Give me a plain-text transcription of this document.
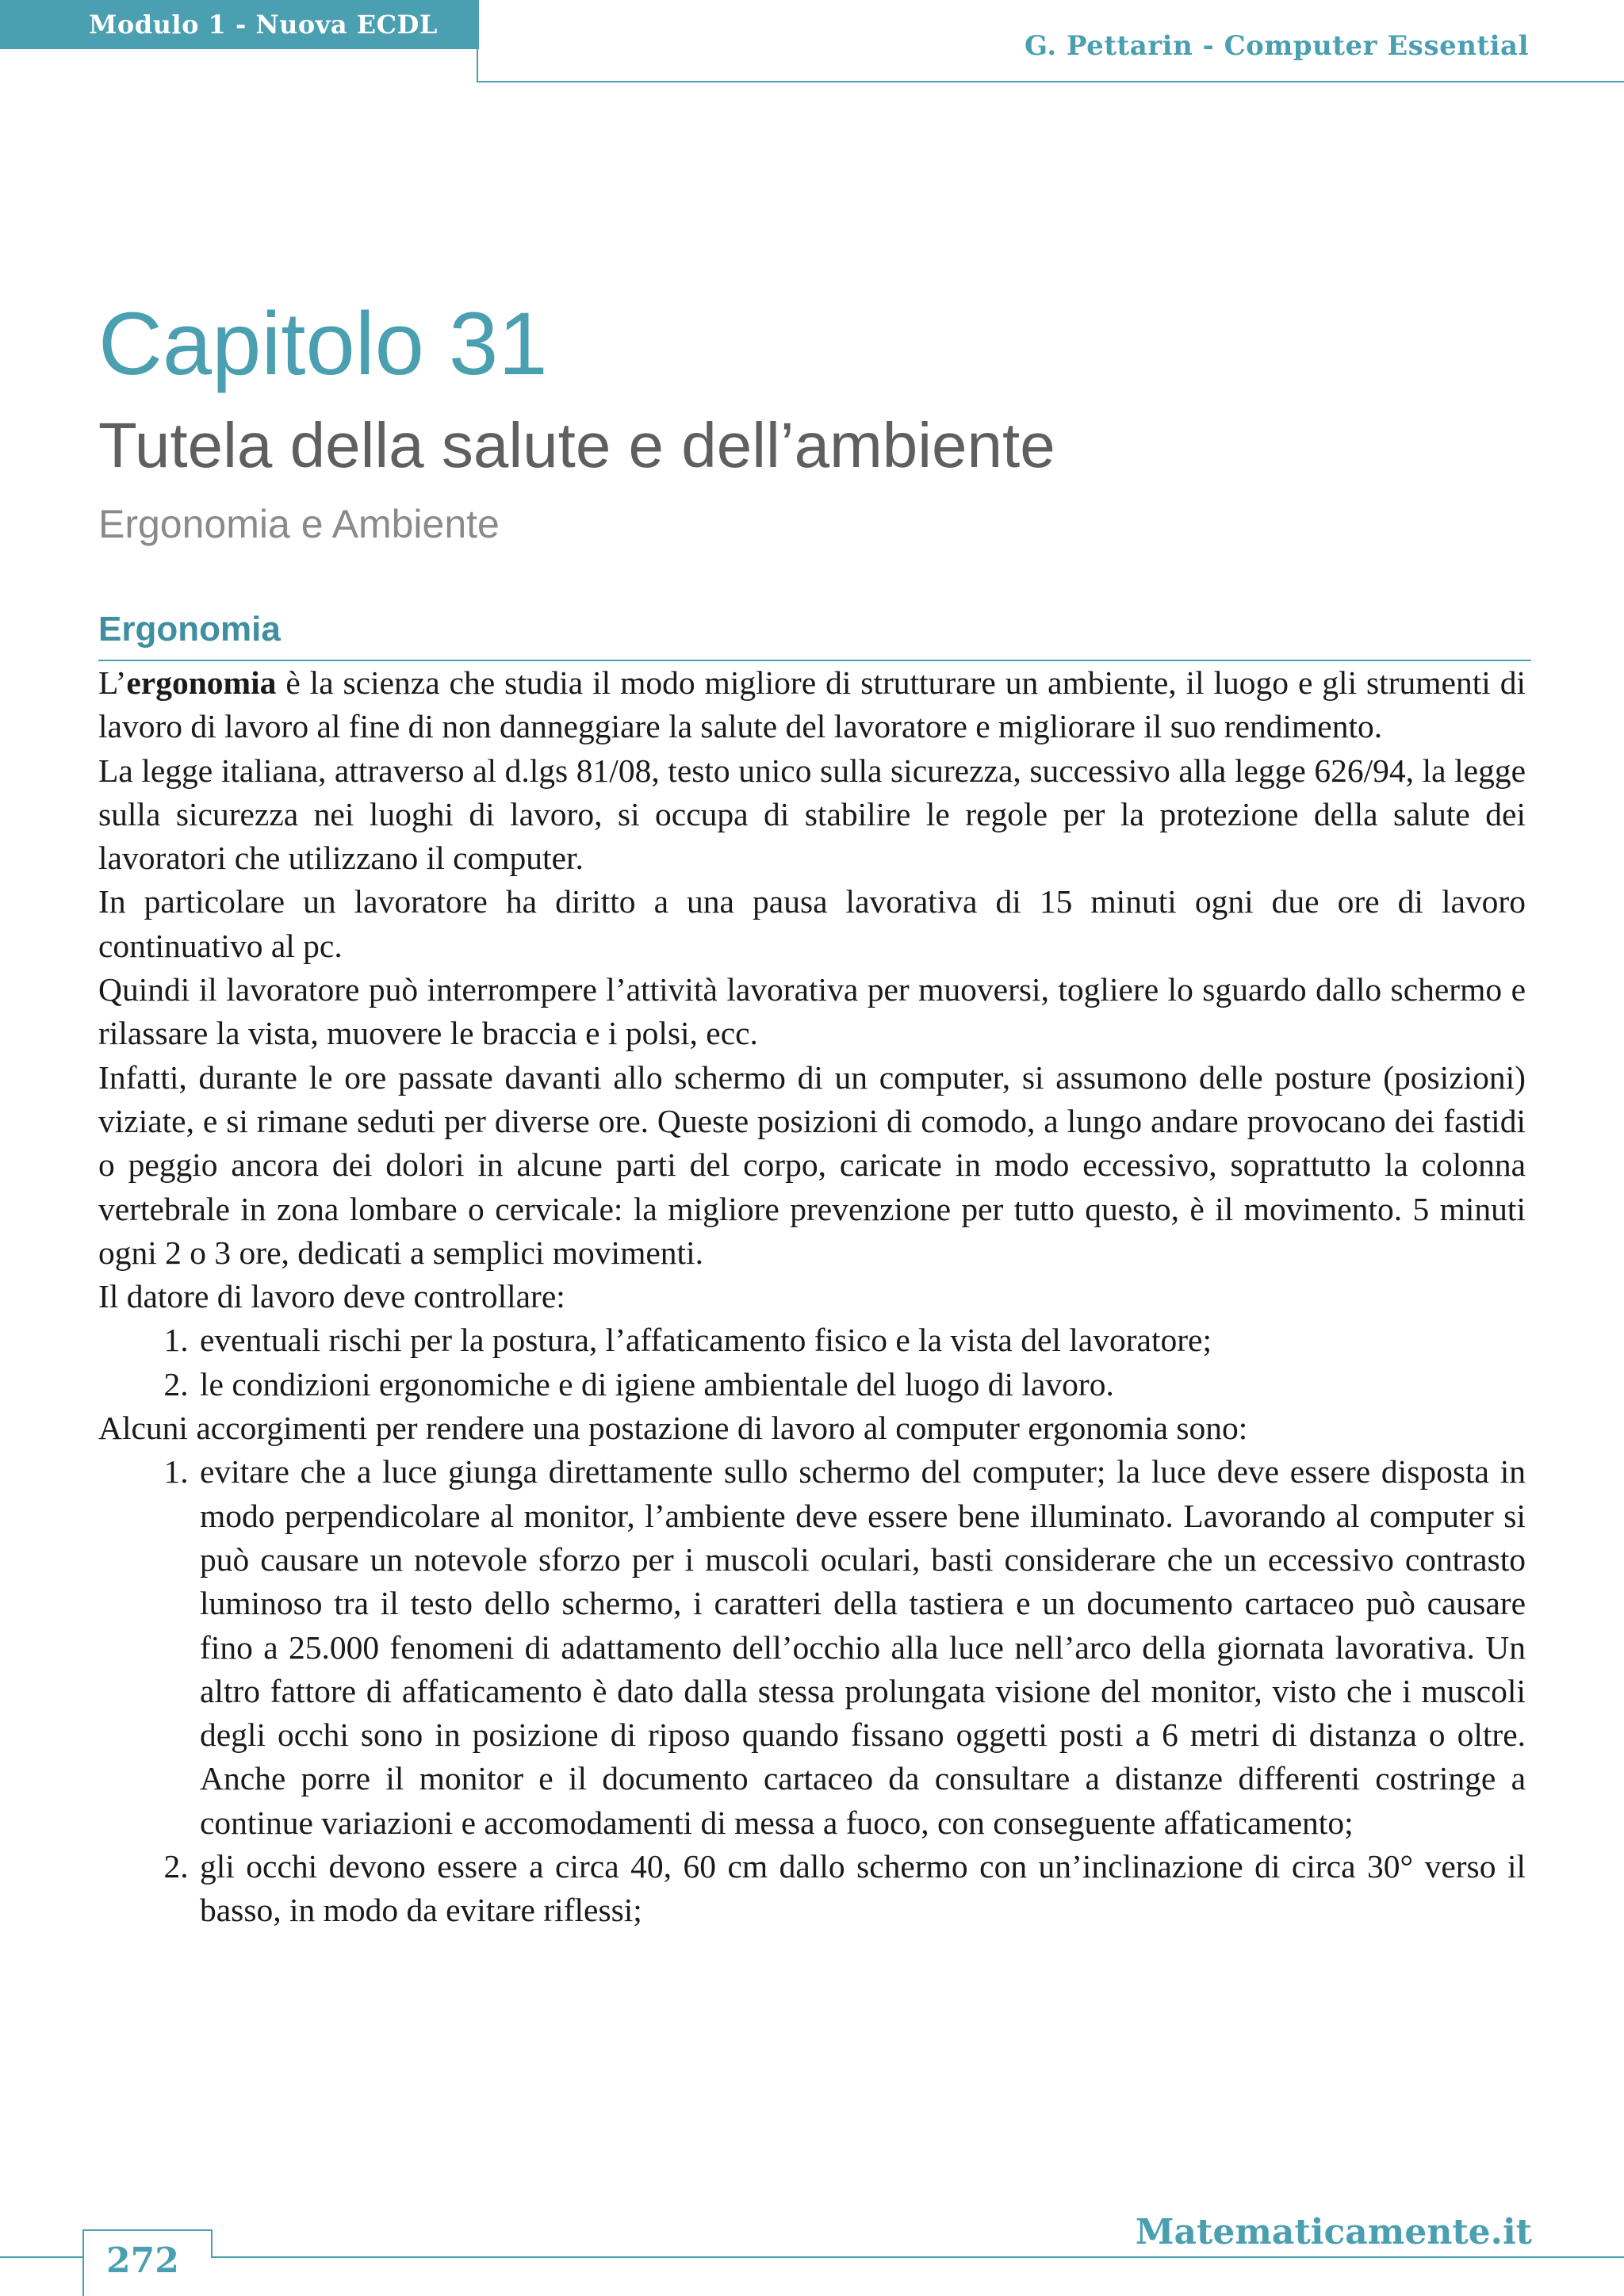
Modulo 1 - Nuova ECDL
G. Pettarin - Computer Essential
Capitolo 31
Tutela della salute e dell’ambiente
Ergonomia e Ambiente
Ergonomia

L’ergonomia è la scienza che studia il modo migliore di strutturare un ambiente, il luogo e gli strumenti di lavoro di lavoro al fine di non danneggiare la salute del lavoratore e migliorare il suo rendimento.

La legge italiana, attraverso al d.lgs 81/08, testo unico sulla sicurezza, successivo alla legge 626/94, la legge sulla sicurezza nei luoghi di lavoro, si occupa di stabilire le regole per la protezione della salute dei lavoratori che utilizzano il computer.

In particolare un lavoratore ha diritto a una pausa lavorativa di 15 minuti ogni due ore di lavoro continuativo al pc.

Quindi il lavoratore può interrompere l’attività lavorativa per muoversi, togliere lo sguardo dallo schermo e rilassare la vista, muovere le braccia e i polsi, ecc.

Infatti, durante le ore passate davanti allo schermo di un computer, si assumono delle posture (posizioni) viziate, e si rimane seduti per diverse ore. Queste posizioni di comodo, a lungo andare provocano dei fastidi o peggio ancora dei dolori in alcune parti del corpo, caricate in modo eccessivo, soprattutto la colonna vertebrale in zona lombare o cervicale: la migliore prevenzione per tutto questo, è il movimento. 5 minuti ogni 2 o 3 ore, dedicati a semplici movimenti.

Il datore di lavoro deve controllare:

1. eventuali rischi per la postura, l’affaticamento fisico e la vista del lavoratore;
2. le condizioni ergonomiche e di igiene ambientale del luogo di lavoro.

Alcuni accorgimenti per rendere una postazione di lavoro al computer ergonomia sono:

1. evitare che a luce giunga direttamente sullo schermo del computer; la luce deve essere disposta in modo perpendicolare al monitor, l’ambiente deve essere bene illuminato. Lavorando al computer si può causare un notevole sforzo per i muscoli oculari, basti considerare che un eccessivo contrasto luminoso tra il testo dello schermo, i caratteri della tastiera e un documento cartaceo può causare fino a 25.000 fenomeni di adattamento dell’occhio alla luce nell’arco della giornata lavorativa. Un altro fattore di affaticamento è dato dalla stessa prolungata visione del monitor, visto che i muscoli degli occhi sono in posizione di riposo quando fissano oggetti posti a 6 metri di distanza o oltre. Anche porre il monitor e il documento cartaceo da consultare a distanze differenti costringe a continue variazioni e accomodamenti di messa a fuoco, con conseguente affaticamento;
2. gli occhi devono essere a circa 40, 60 cm dallo schermo con un’inclinazione di circa 30° verso il basso, in modo da evitare riflessi;
Matematicamente.it
272
